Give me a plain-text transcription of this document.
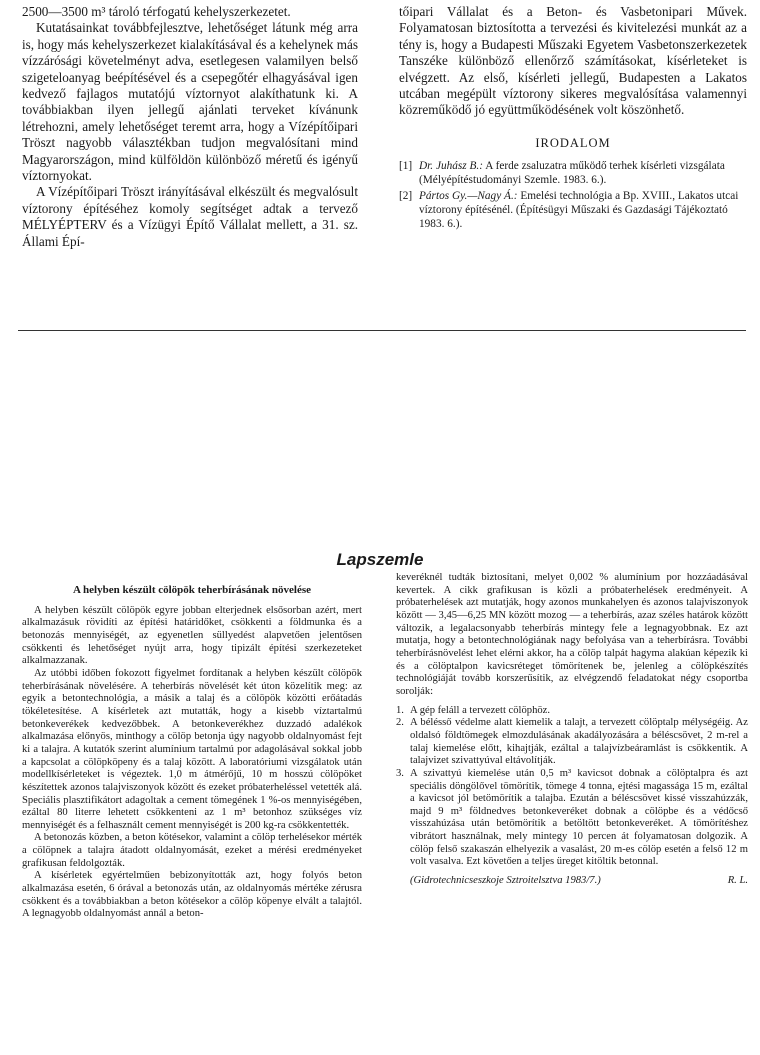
2500—3500 m³ tároló térfogatú kehelyszerkezetet.

Kutatásainkat továbbfejlesztve, lehetőséget látunk még arra is, hogy más kehelyszerkezet kialakításával és a kehelynek más vízzárósági követelményt adva, esetlegesen valamilyen belső szigeteloanyag beépítésével és a csepegőtér elhagyásával igen kedvező fajlagos mutatójú víztornyot alakíthatunk ki. A továbbiakban ilyen jellegű ajánlati terveket kívánunk létrehozni, amely lehetőséget teremt arra, hogy a Vízépítőipari Tröszt nagyobb választékban tudjon megvalósítani mind Magyarországon, mind külföldön különböző méretű és igényű víztornyokat.

A Vízépítőipari Tröszt irányításával elkészült és megvalósult víztorony építéséhez komoly segítséget adtak a tervező MÉLYÉPTERV és a Vízügyi Építő Vállalat mellett, a 31. sz. Állami Épí-

tőipari Vállalat és a Beton- és Vasbetonipari Művek. Folyamatosan biztosította a tervezési és kivitelezési munkát az a tény is, hogy a Budapesti Műszaki Egyetem Vasbetonszerkezetek Tanszéke különböző ellenőrző számításokat, kísérleteket is elvégzett. Az első, kísérleti jellegű, Budapesten a Lakatos utcában megépült víztorony sikeres megvalósítása valamennyi közreműködő jó együttműködésének volt köszönhető.

IRODALOM
[1] Dr. Juhász B.: A ferde zsaluzatra működő terhek kísérleti vizsgálata (Mélyépítéstudományi Szemle. 1983. 6.).
[2] Pártos Gy.—Nagy Á.: Emelési technológia a Bp. XVIII., Lakatos utcai víztorony építésénél. (Építésügyi Műszaki és Gazdasági Tájékoztató 1983. 6.).
Lapszemle
A helyben készült cölöpök teherbírásának növelése

A helyben készült cölöpök egyre jobban elterjednek elsősorban azért, mert alkalmazásuk rövidíti az építési határidőket, csökkenti a földmunka és a betonozás mennyiségét, az egyenetlen süllyedést alapvetően jelentősen csökkenti és lehetőséget nyújt arra, hogy tipizált építési szerkezeteket alkalmazzanak.

Az utóbbi időben fokozott figyelmet fordítanak a helyben készült cölöpök teherbírásának növelésére. A teherbírás növelését két úton közelítik meg: az egyik a betontechnológia, a másik a talaj és a cölöpök közötti erőátadás tökéletesítése. A kísérletek azt mutatták, hogy a kisebb víztartalmú betonkeverékek kedvezőbbek. A betonkeverékhez duzzadó adalékok alkalmazása előnyös, minthogy a cölöp betonja úgy nagyobb oldalnyomást fejt ki a talajra. A kutatók szerint alumínium tartalmú por adagolásával sokkal jobb a kapcsolat a cölöpköpeny és a talaj között. A laboratóriumi vizsgálatok után modellkísérleteket is végeztek. 1,0 m átmérőjű, 10 m hosszú cölöpöket készítettek azonos talajviszonyok között és ezeket próbaterheléssel vetették alá. Speciális plasztifikátort adagoltak a cement tömegének 1 %-os mennyiségében, ezáltal 80 literre lehetett csökkenteni az 1 m³ betonhoz szükséges víz mennyiségét és a felhasznált cement mennyiségét is 200 kg-ra csökkentették.

A betonozás közben, a beton kötésekor, valamint a cölöp terhelésekor mérték a cölöpnek a talajra átadott oldalnyomását, ezeket a mérési eredményeket grafikusan feldolgozták.

A kísérletek egyértelműen bebizonyították azt, hogy folyós beton alkalmazása esetén, 6 órával a betonozás után, az oldalnyomás mértéke zérusra csökkent és a továbbiakban a beton kötésekor a cölöp köpenye elvált a talajtól. A legnagyobb oldalnyomást annál a beton-

keveréknél tudták biztosítani, melyet 0,002 % alumínium por hozzáadásával kevertek. A cikk grafikusan is közli a próbaterhelések eredményeit. A próbaterhelések azt mutatják, hogy azonos munkahelyen és azonos talajviszonyok között — 3,45—6,25 MN között mozog — a teherbírás, azaz széles határok között változik, a legalacsonyabb teherbírás mintegy fele a legnagyobbnak. Ez azt mutatja, hogy a betontechnológiának nagy befolyása van a teherbírásra. További teherbírásnövelést lehet elérni akkor, ha a cölöp talpát hagyma alakúan képezik ki és a cölöptalpon kavicsréteget tömörítenek be, jelenleg a cölöpkészítés technológiáját tovább korszerűsítik, az elvégzendő feladatokat négy csoportba sorolják:

1. A gép feláll a tervezett cölöphöz.
2. A bélésső védelme alatt kiemelik a talajt, a tervezett cölöptalp mélységéig. Az oldalsó földtömegek elmozdulásának akadályozására a béléscsövet, 2 m-rel a talaj kiemelése előtt, kihajtják, ezáltal a talajvízbeáramlást is csökkentik. A talajvizet szivattyúval eltávolítják.
3. A szivattyú kiemelése után 0,5 m³ kavicsot dobnak a cölöptalpra és azt speciális döngölővel tömörítik, tömege 4 tonna, ejtési magassága 15 m, ezáltal a kavicsot jól betömörítik a talajba. Ezután a béléscsövet kissé visszahúzzák, majd 9 m³ földnedves betonkeveréket dobnak a cölöpbe és a védőcső visszahúzása után betömörítik a betöltött betonkeveréket. A tömörítéshez vibrátort használnak, mely mintegy 10 percen át folyamatosan dolgozik. A cölöp felső szakaszán elhelyezik a vasalást, 20 m-es cölöp esetén a felső 12 m volt vasalva. Ezt követően a teljes üreget kitöltik betonnal.
(Gidrotechnicseszkoje Sztroitelsztva 1983/7.)	R. L.
